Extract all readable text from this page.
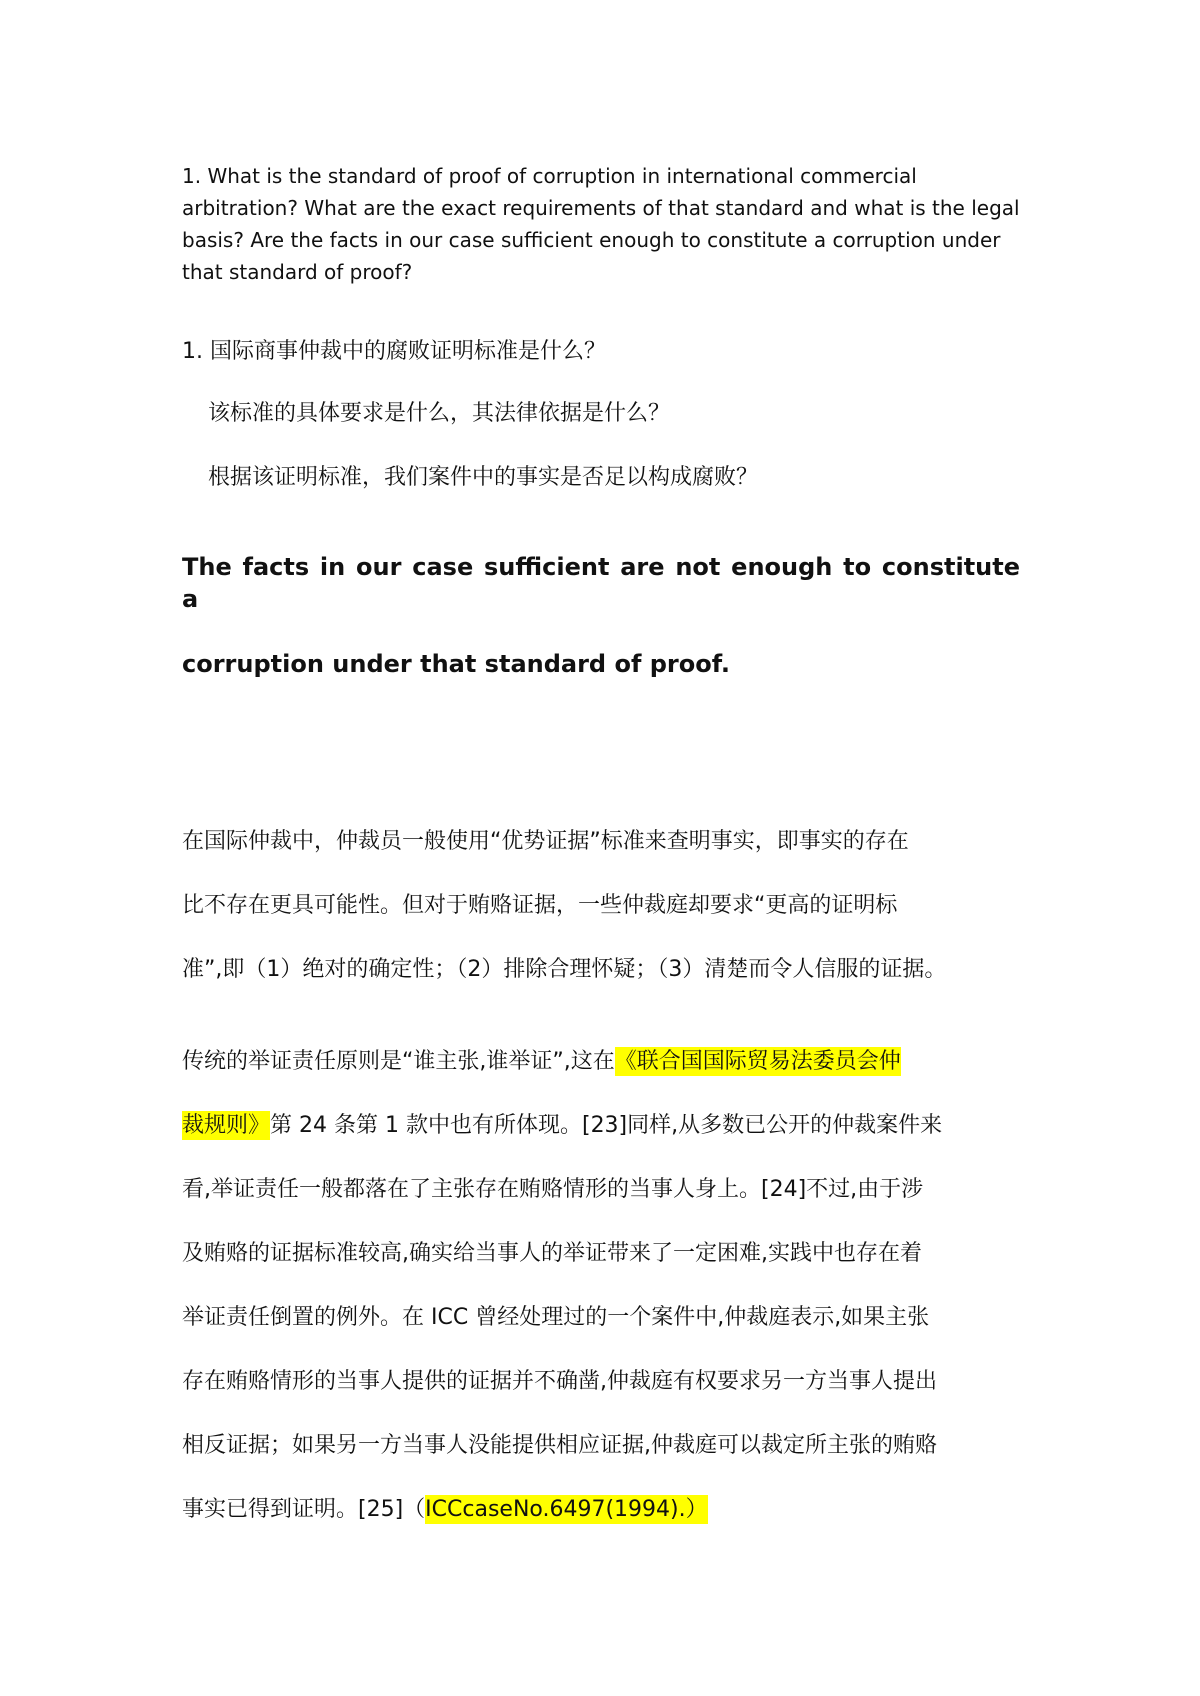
1. What is the standard of proof of corruption in international commercial

arbitration? What are the exact requirements of that standard and what is the legal

basis? Are the facts in our case sufficient enough to constitute a corruption under

that standard of proof?

1. 国际商事仲裁中的腐败证明标准是什么？

该标准的具体要求是什么，其法律依据是什么？

根据该证明标准，我们案件中的事实是否足以构成腐败？

The facts in our case sufficient are not enough to constitute a

corruption under that standard of proof.

在国际仲裁中，仲裁员一般使用“优势证据”标准来查明事实，即事实的存在

比不存在更具可能性。但对于贿赂证据，一些仲裁庭却要求“更高的证明标

准”,即（1）绝对的确定性；（2）排除合理怀疑；（3）清楚而令人信服的证据。

传统的举证责任原则是“谁主张,谁举证”,这在《联合国国际贸易法委员会仲

裁规则》第 24 条第 1 款中也有所体现。[23]同样,从多数已公开的仲裁案件来

看,举证责任一般都落在了主张存在贿赂情形的当事人身上。[24]不过,由于涉

及贿赂的证据标准较高,确实给当事人的举证带来了一定困难,实践中也存在着

举证责任倒置的例外。在 ICC 曾经处理过的一个案件中,仲裁庭表示,如果主张

存在贿赂情形的当事人提供的证据并不确凿,仲裁庭有权要求另一方当事人提出

相反证据；如果另一方当事人没能提供相应证据,仲裁庭可以裁定所主张的贿赂

事实已得到证明。[25]（ICCcaseNo.6497(1994).）
